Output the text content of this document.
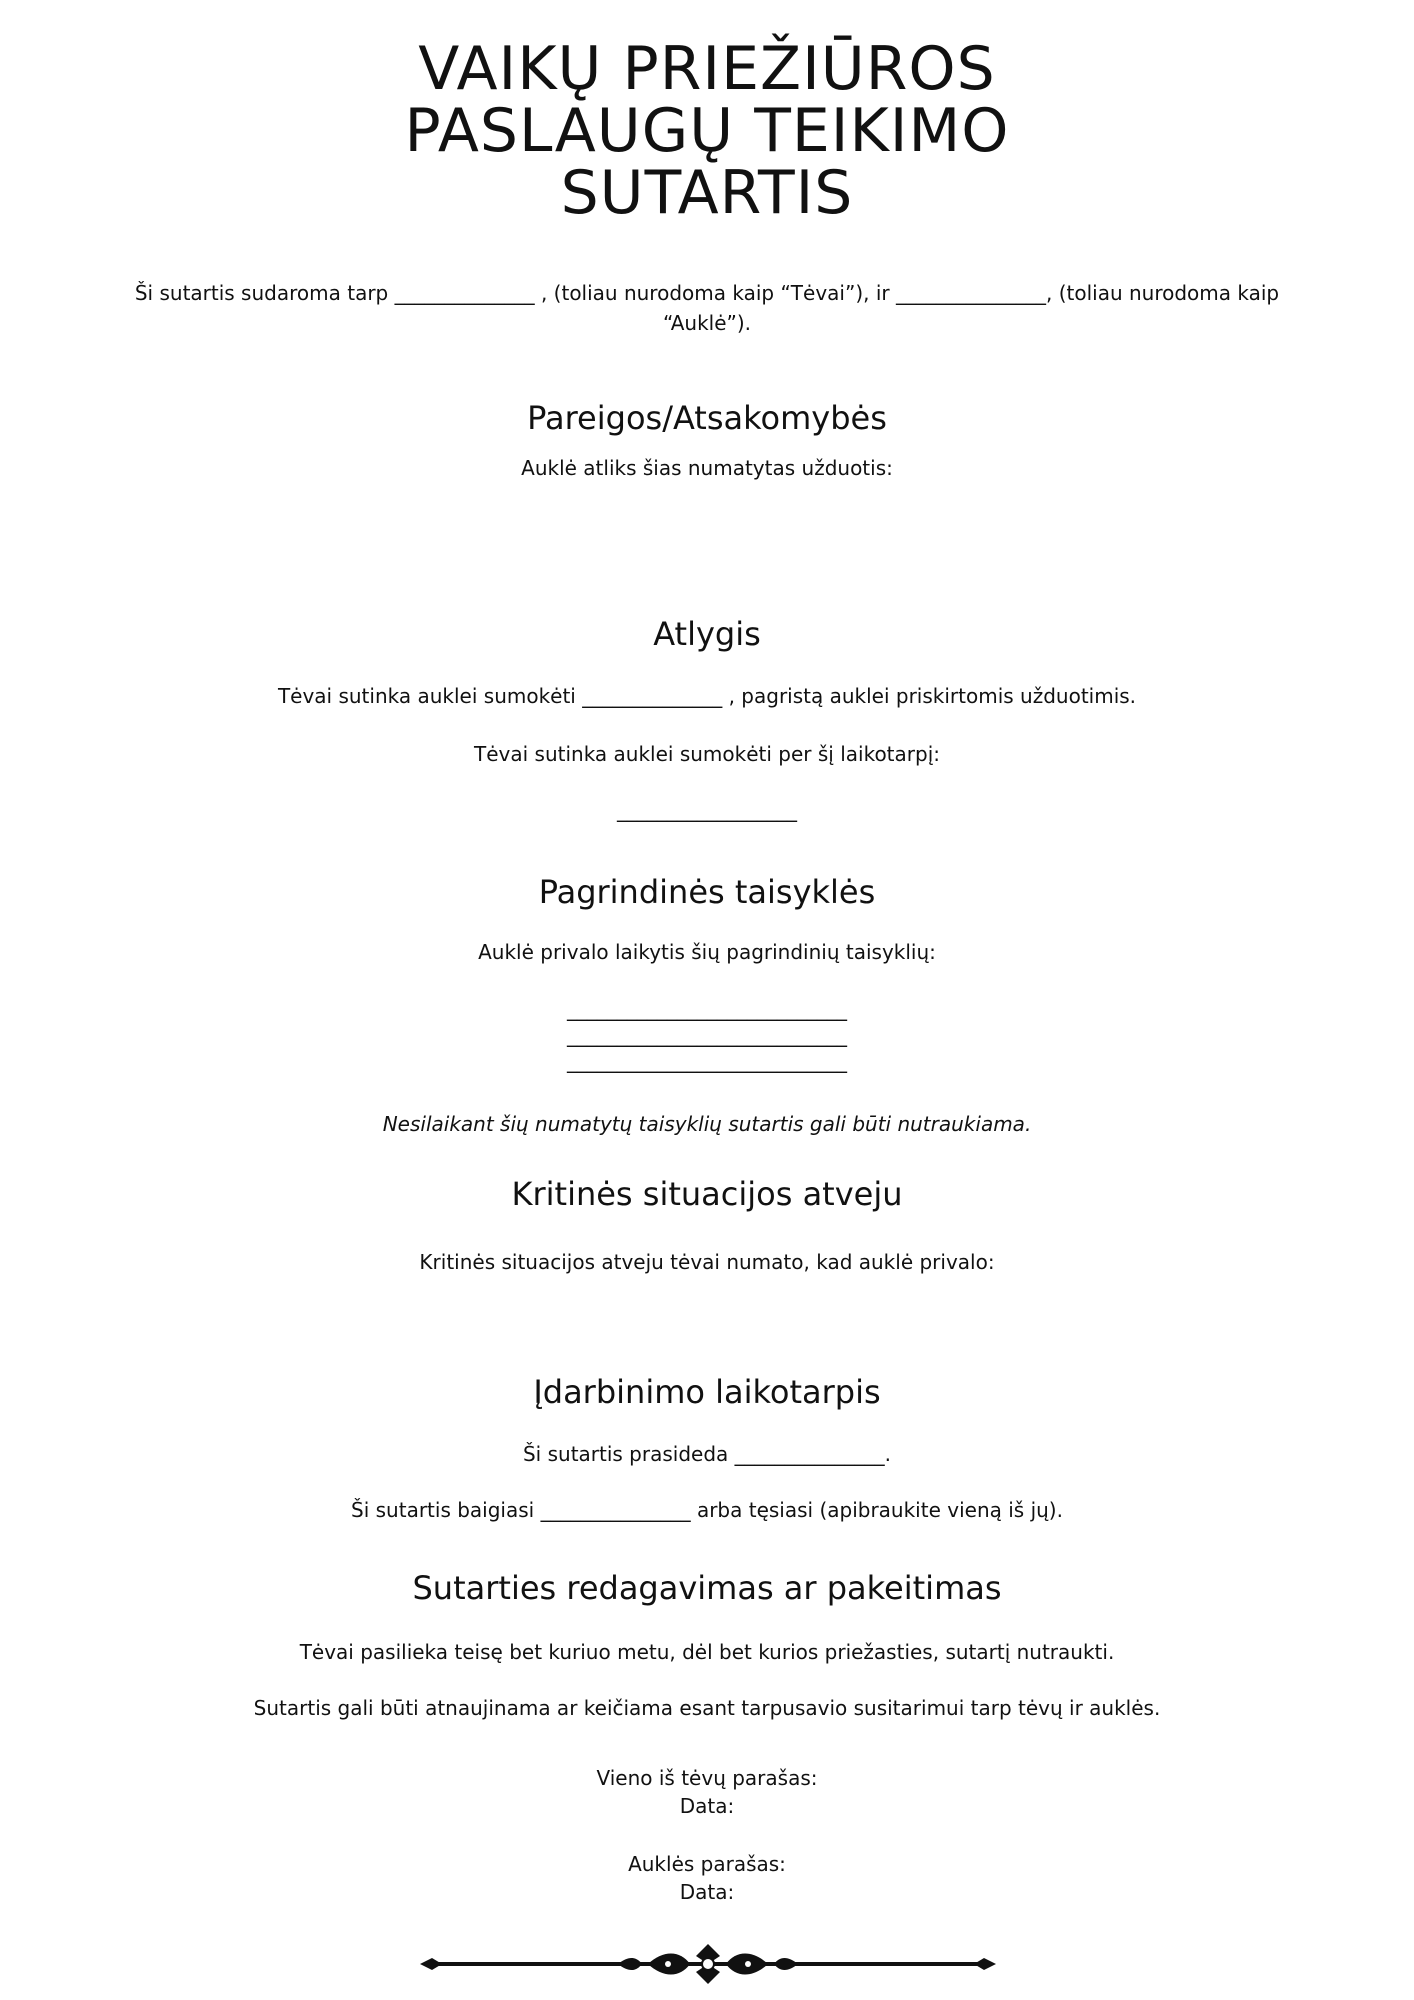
VAIKŲ PRIEŽIŪROS
PASLAUGŲ TEIKIMO
SUTARTIS
Ši sutartis sudaroma tarp ______________ , (toliau nurodoma kaip “Tėvai”), ir _______________, (toliau nurodoma kaip
“Auklė”).
Pareigos/Atsakomybės
Auklė atliks šias numatytas užduotis:
Atlygis
Tėvai sutinka auklei sumokėti ______________ , pagristą auklei priskirtomis užduotimis.
Tėvai sutinka auklei sumokėti per šį laikotarpį:
__________________
Pagrindinės taisyklės
Auklė privalo laikytis šių pagrindinių taisyklių:
____________________________
____________________________
____________________________
Nesilaikant šių numatytų taisyklių sutartis gali būti nutraukiama.
Kritinės situacijos atveju
Kritinės situacijos atveju tėvai numato, kad auklė privalo:
Įdarbinimo laikotarpis
Ši sutartis prasideda _______________.
Ši sutartis baigiasi _______________ arba tęsiasi (apibraukite vieną iš jų).
Sutarties redagavimas ar pakeitimas
Tėvai pasilieka teisę bet kuriuo metu, dėl bet kurios priežasties, sutartį nutraukti.
Sutartis gali būti atnaujinama ar keičiama esant tarpusavio susitarimui tarp tėvų ir auklės.
Vieno iš tėvų parašas:
Data:
Auklės parašas:
Data:
